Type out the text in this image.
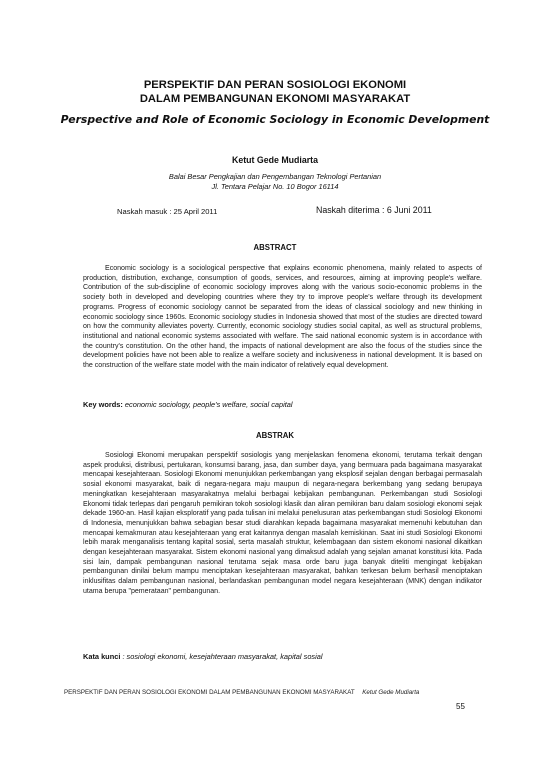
PERSPEKTIF DAN PERAN SOSIOLOGI EKONOMI
DALAM PEMBANGUNAN EKONOMI MASYARAKAT
Perspective and Role of Economic Sociology in Economic Development
Ketut Gede Mudiarta
Balai Besar Pengkajian dan Pengembangan Teknologi Pertanian
Jl. Tentara Pelajar No. 10 Bogor 16114
Naskah masuk : 25 April 2011	Naskah diterima : 6 Juni 2011
ABSTRACT
Economic sociology is a sociological perspective that explains economic phenomena, mainly related to aspects of production, distribution, exchange, consumption of goods, services, and resources, aiming at improving people's welfare. Contribution of the sub-discipline of economic sociology improves along with the various socio-economic problems in the society both in developed and developing countries where they try to improve people's welfare through its development programs. Progress of economic sociology cannot be separated from the ideas of classical sociology and new thinking in economic sociology since 1960s. Economic sociology studies in Indonesia showed that most of the studies are directed toward on how the community alleviates poverty. Currently, economic sociology studies social capital, as well as structural problems, institutional and national economic systems associated with welfare. The said national economic system is in accordance with the country's constitution. On the other hand, the impacts of national development are also the focus of the studies since the development policies have not been able to realize a welfare society and inclusiveness in national development. It is based on the construction of the welfare state model with the main indicator of relatively equal development.
Key words: economic sociology, people's welfare, social capital
ABSTRAK
Sosiologi Ekonomi merupakan perspektif sosiologis yang menjelaskan fenomena ekonomi, terutama terkait dengan aspek produksi, distribusi, pertukaran, konsumsi barang, jasa, dan sumber daya, yang bermuara pada bagaimana masyarakat mencapai kesejahteraan. Sosiologi Ekonomi menunjukkan perkembangan yang eksplosif sejalan dengan berbagai permasalah sosial ekonomi masyarakat, baik di negara-negara maju maupun di negara-negara berkembang yang sedang berupaya meningkatkan kesejahteraan masyarakatnya melalui berbagai kebijakan pembangunan. Perkembangan studi Sosiologi Ekonomi tidak terlepas dari pengaruh pemikiran tokoh sosiologi klasik dan aliran pemikiran baru dalam sosiologi ekonomi sejak dekade 1960-an. Hasil kajian eksploratif yang pada tulisan ini melalui penelusuran atas perkembangan studi Sosiologi Ekonomi di Indonesia, menunjukkan bahwa sebagian besar studi diarahkan kepada bagaimana masyarakat memenuhi kebutuhan dan mencapai kemakmuran atau kesejahteraan yang erat kaitannya dengan masalah kemiskinan. Saat ini studi Sosiologi Ekonomi lebih marak menganalisis tentang kapital sosial, serta masalah struktur, kelembagaan dan sistem ekonomi nasional dikaitkan dengan kesejahteraan masyarakat. Sistem ekonomi nasional yang dimaksud adalah yang sejalan amanat konstitusi kita. Pada sisi lain, dampak pembangunan nasional terutama sejak masa orde baru juga banyak diteliti mengingat kebijakan pembangunan dinilai belum mampu menciptakan kesejahteraan masyarakat, bahkan terkesan belum berhasil menciptakan inklusifitas dalam pembangunan nasional, berlandaskan pembangunan model negara kesejahteraan (MNK) dengan indikator utama berupa "pemerataan" pembangunan.
Kata kunci : sosiologi ekonomi, kesejahteraan masyarakat, kapital sosial
PERSPEKTIF DAN PERAN SOSIOLOGI EKONOMI DALAM PEMBANGUNAN EKONOMI MASYARAKAT Ketut Gede Mudiarta
55
